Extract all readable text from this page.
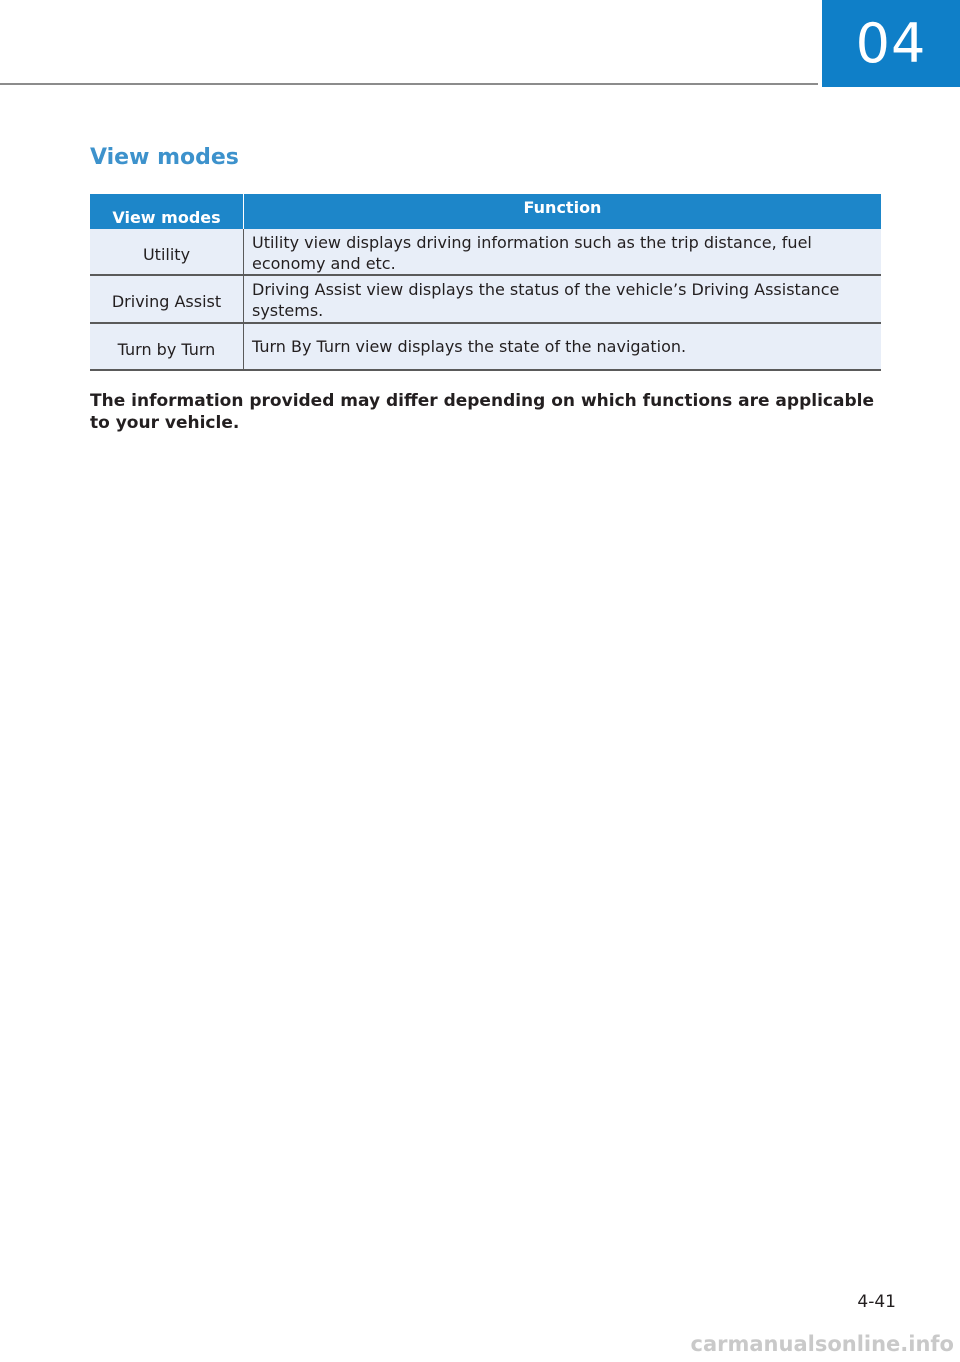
04
View modes
View modes	Function
Utility	Utility view displays driving information such as the trip distance, fuel economy and etc.
Driving Assist	Driving Assist view displays the status of the vehicle’s Driving Assistance systems.
Turn by Turn	Turn By Turn view displays the state of the navigation.

The information provided may differ depending on which functions are applicable to your vehicle.

4-41
carmanualsonline.info
